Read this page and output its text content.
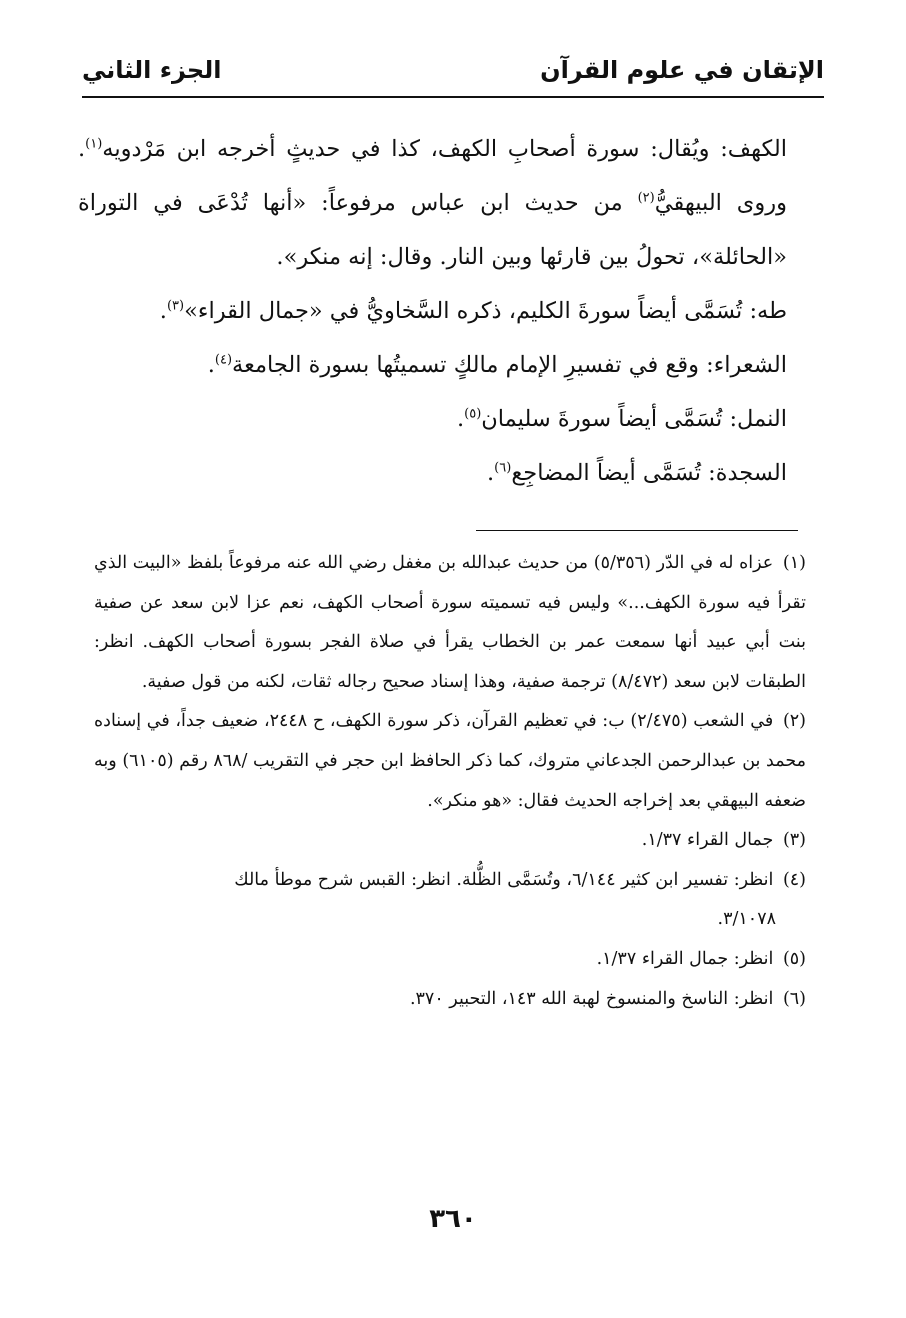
الإتقان في علوم القرآن
الجزء الثاني

الكهف: ويُقال: سورة أصحابِ الكهف، كذا في حديثٍ أخرجه ابن مَرْدويه$^{(١)}$. وروى البيهقيُّ$^{(٢)}$ من حديث ابن عباس مرفوعاً: «أنها تُدْعَى في التوراة «الحائلة»، تحولُ بين قارئها وبين النار. وقال: إنه منكر».

طه: تُسَمَّى أيضاً سورةَ الكليم، ذكره السَّخاويُّ في «جمال القراء»$^{(٣)}$.

الشعراء: وقع في تفسيرِ الإمام مالكٍ تسميتُها بسورة الجامعة$^{(٤)}$.

النمل: تُسَمَّى أيضاً سورةَ سليمان$^{(٥)}$.

السجدة: تُسَمَّى أيضاً المضاجِع$^{(٦)}$.

(١) عزاه له في الدّر (٥/٣٥٦) من حديث عبدالله بن مغفل رضي الله عنه مرفوعاً بلفظ «البيت الذي تقرأ فيه سورة الكهف...» وليس فيه تسميته سورة أصحاب الكهف، نعم عزا لابن سعد عن صفية بنت أبي عبيد أنها سمعت عمر بن الخطاب يقرأ في صلاة الفجر بسورة أصحاب الكهف. انظر: الطبقات لابن سعد (٨/٤٧٢) ترجمة صفية، وهذا إسناد صحيح رجاله ثقات، لكنه من قول صفية.

(٢) في الشعب (٢/٤٧٥) ب: في تعظيم القرآن، ذكر سورة الكهف، ح ٢٤٤٨، ضعيف جداً، في إسناده محمد بن عبدالرحمن الجدعاني متروك، كما ذكر الحافظ ابن حجر في التقريب /٨٦٨ رقم (٦١٠٥) وبه ضعفه البيهقي بعد إخراجه الحديث فقال: «هو منكر».

(٣) جمال القراء ١/٣٧.

(٤) انظر: تفسير ابن كثير ٦/١٤٤، وتُسَمَّى الظُّلة. انظر: القبس شرح موطأ مالك

٣/١٠٧٨.

(٥) انظر: جمال القراء ١/٣٧.

(٦) انظر: الناسخ والمنسوخ لهبة الله ١٤٣، التحبير ٣٧٠.

٣٦٠
